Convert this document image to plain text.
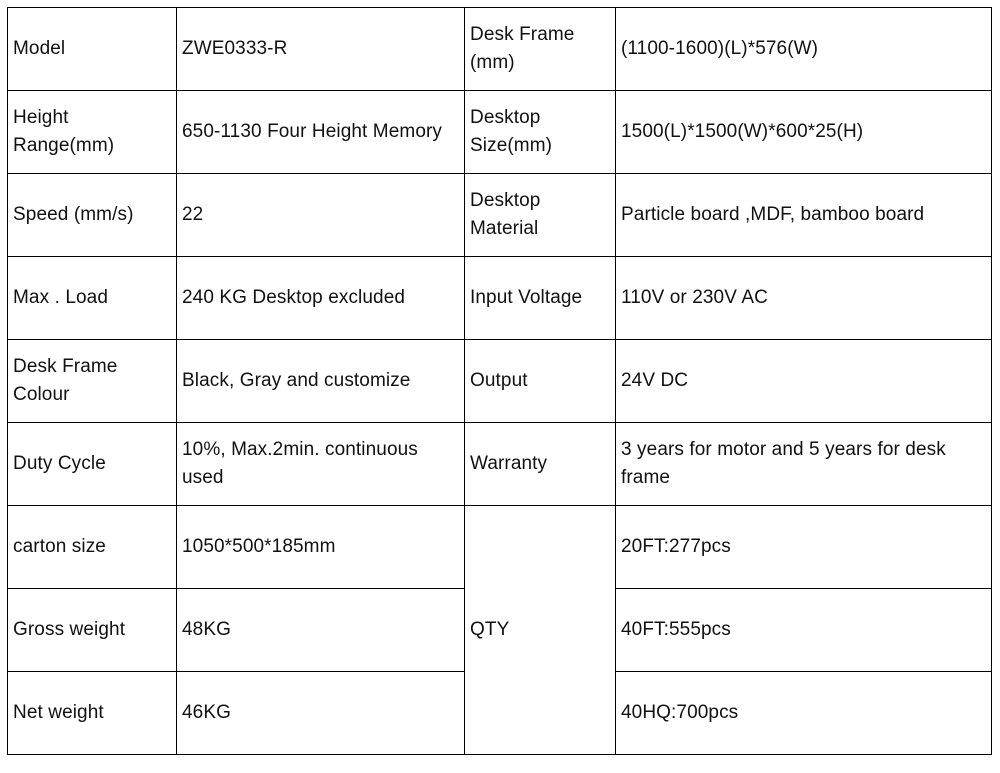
Model	ZWE0333-R	Desk Frame (mm)	(1100-1600)(L)*576(W)
Height Range(mm)	650-1130 Four Height Memory	Desktop Size(mm)	1500(L)*1500(W)*600*25(H)
Speed (mm/s)	22	Desktop Material	Particle board ,MDF, bamboo board
Max . Load	240 KG Desktop excluded	Input Voltage	110V or 230V AC
Desk Frame Colour	Black, Gray and customize	Output	24V DC
Duty Cycle	10%, Max.2min. continuous used	Warranty	3 years for motor and 5 years for desk frame
carton size	1050*500*185mm	QTY	20FT:277pcs
Gross weight	48KG		40FT:555pcs
Net weight	46KG		40HQ:700pcs
